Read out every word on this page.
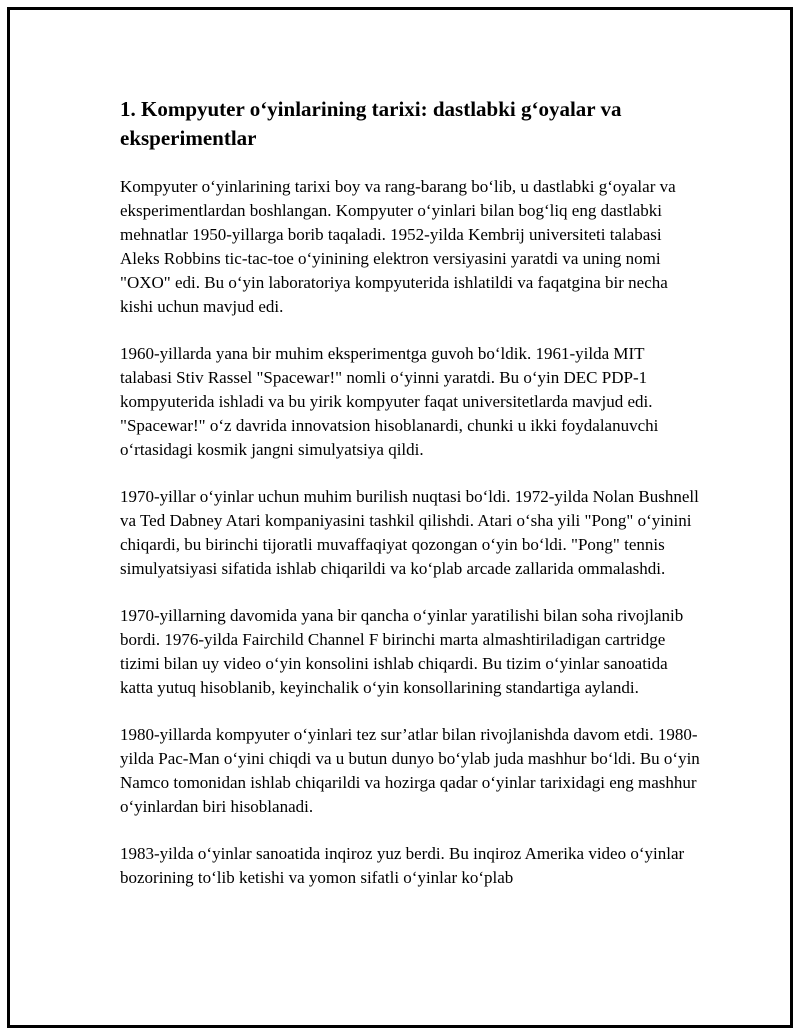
1. Kompyuter o‘yinlarining tarixi: dastlabki g‘oyalar va eksperimentlar

Kompyuter o‘yinlarining tarixi boy va rang-barang bo‘lib, u dastlabki g‘oyalar va eksperimentlardan boshlangan. Kompyuter o‘yinlari bilan bog‘liq eng dastlabki mehnatlar 1950-yillarga borib taqaladi. 1952-yilda Kembrij universiteti talabasi Aleks Robbins tic-tac-toe o‘yinining elektron versiyasini yaratdi va uning nomi "OXO" edi. Bu o‘yin laboratoriya kompyuterida ishlatildi va faqatgina bir necha kishi uchun mavjud edi.

1960-yillarda yana bir muhim eksperimentga guvoh bo‘ldik. 1961-yilda MIT talabasi Stiv Rassel "Spacewar!" nomli o‘yinni yaratdi. Bu o‘yin DEC PDP-1 kompyuterida ishladi va bu yirik kompyuter faqat universitetlarda mavjud edi. "Spacewar!" o‘z davrida innovatsion hisoblanardi, chunki u ikki foydalanuvchi o‘rtasidagi kosmik jangni simulyatsiya qildi.

1970-yillar o‘yinlar uchun muhim burilish nuqtasi bo‘ldi. 1972-yilda Nolan Bushnell va Ted Dabney Atari kompaniyasini tashkil qilishdi. Atari o‘sha yili "Pong" o‘yinini chiqardi, bu birinchi tijoratli muvaffaqiyat qozongan o‘yin bo‘ldi. "Pong" tennis simulyatsiyasi sifatida ishlab chiqarildi va ko‘plab arcade zallarida ommalashdi.

1970-yillarning davomida yana bir qancha o‘yinlar yaratilishi bilan soha rivojlanib bordi. 1976-yilda Fairchild Channel F birinchi marta almashtiriladigan cartridge tizimi bilan uy video o‘yin konsolini ishlab chiqardi. Bu tizim o‘yinlar sanoatida katta yutuq hisoblanib, keyinchalik o‘yin konsollarining standartiga aylandi.

1980-yillarda kompyuter o‘yinlari tez sur’atlar bilan rivojlanishda davom etdi. 1980-yilda Pac-Man o‘yini chiqdi va u butun dunyo bo‘ylab juda mashhur bo‘ldi. Bu o‘yin Namco tomonidan ishlab chiqarildi va hozirga qadar o‘yinlar tarixidagi eng mashhur o‘yinlardan biri hisoblanadi.

1983-yilda o‘yinlar sanoatida inqiroz yuz berdi. Bu inqiroz Amerika video o‘yinlar bozorining to‘lib ketishi va yomon sifatli o‘yinlar ko‘plab
